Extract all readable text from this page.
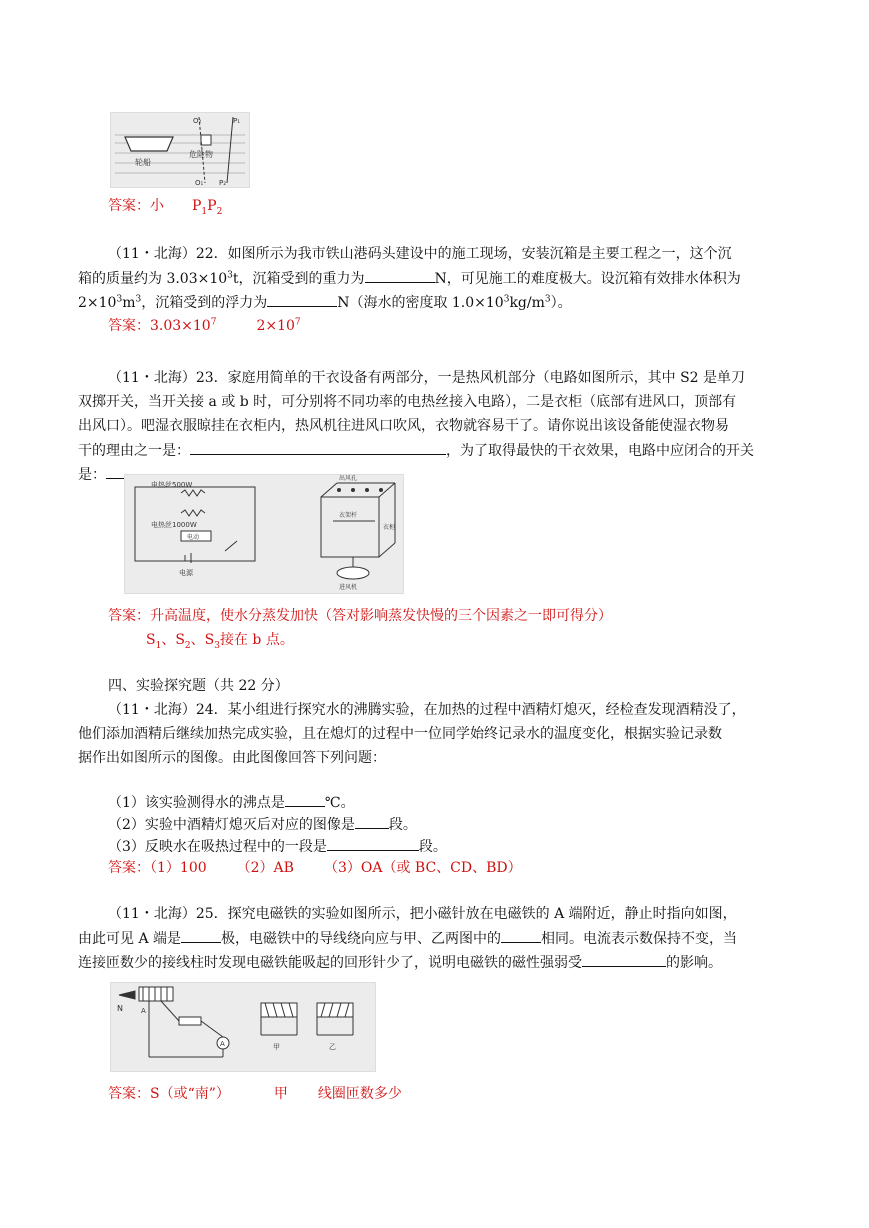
轮船
危险物
O₂	P₁
O₁ P₂
答案：小 $P_1P_2$
（11・北海）22．如图所示为我市铁山港码头建设中的施工现场，安装沉箱是主要工程之一，这个沉
箱的质量约为 $3.03\times 10^3t$，沉箱受到的重力为	N，可见施工的难度极大。设沉箱有效排水体积为
$2\times 10^3m^3$，沉箱受到的浮力为	N（海水的密度取 $1.0\times 10^3kg/m^3$）。
答案：$3.03\times 10^7$	$2\times 10^7$
（11・北海）23．家庭用简单的干衣设备有两部分，一是热风机部分（电路如图所示，其中 S2 是单刀
双掷开关，当开关接 a 或 b 时，可分别将不同功率的电热丝接入电路），二是衣柜（底部有进风口，顶部有
出风口）。吧湿衣服晾挂在衣柜内，热风机往进风口吹风，衣物就容易干了。请你说出该设备能使湿衣物易
干的理由之一是：	，为了取得最快的干衣效果，电路中应闭合的开关
是：
电热丝500W
电热丝1000W
电动
电源
出风孔
衣架杆
衣柜
进风机
答案：升高温度，使水分蒸发加快（答对影响蒸发快慢的三个因素之一即可得分）
$S_1$、$S_2$、$S_3$接在 b 点。
四、实验探究题（共 22 分）
（11・北海）24．某小组进行探究水的沸腾实验，在加热的过程中酒精灯熄灭，经检查发现酒精没了，
他们添加酒精后继续加热完成实验，且在熄灯的过程中一位同学始终记录水的温度变化，根据实验记录数
据作出如图所示的图像。由此图像回答下列问题：
（1）该实验测得水的沸点是	℃。
（2）实验中酒精灯熄灭后对应的图像是 段。
（3）反映水在吸热过程中的一段是	段。
答案：（1）100 （2）AB （3）OA（或 BC、CD、BD）
（11・北海）25．探究电磁铁的实验如图所示，把小磁针放在电磁铁的 A 端附近，静止时指向如图，
由此可见 A 端是	极，电磁铁中的导线绕向应与甲、乙两图中的	相同。电流表示数保持不变，当
连接匝数少的接线柱时发现电磁铁能吸起的回形针少了，说明电磁铁的磁性强弱受	的影响。
N	A
A	甲	乙
答案：S（或“南”）	甲 线圈匝数多少
